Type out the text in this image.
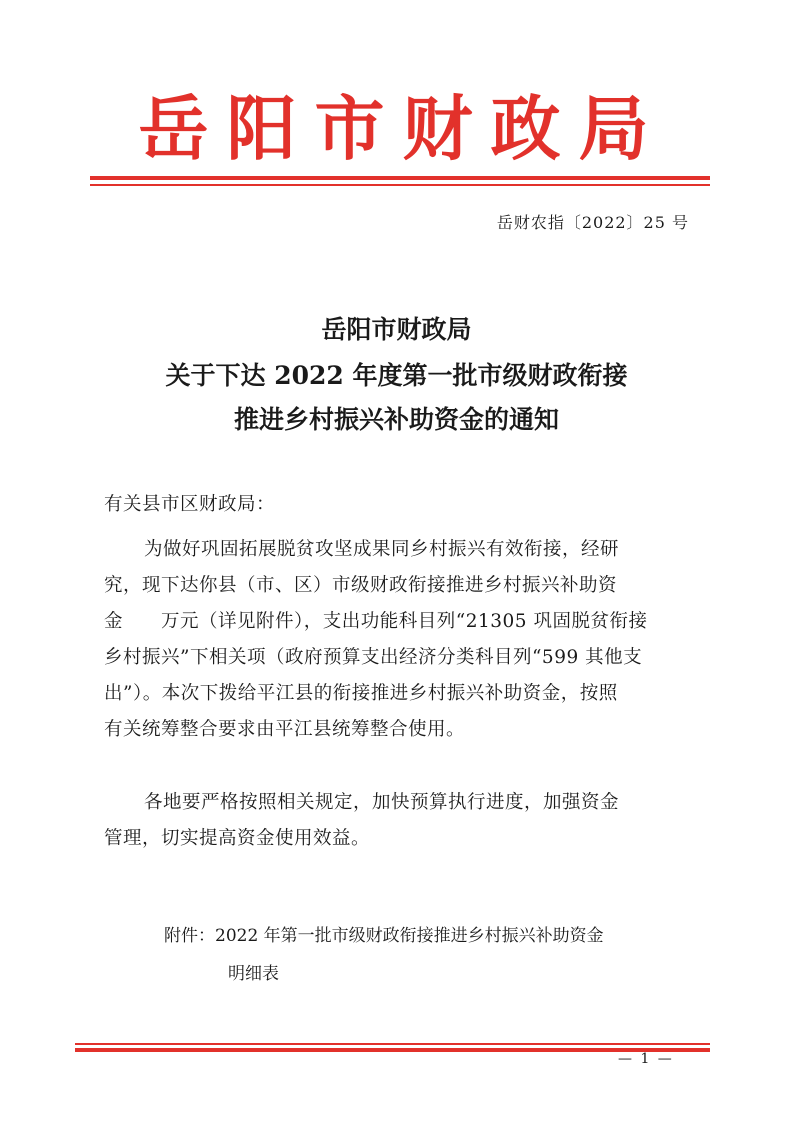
岳阳市财政局
岳财农指〔2022〕25 号
岳阳市财政局
关于下达 2022 年度第一批市级财政衔接
推进乡村振兴补助资金的通知
有关县市区财政局：
为做好巩固拓展脱贫攻坚成果同乡村振兴有效衔接，经研
究，现下达你县（市、区）市级财政衔接推进乡村振兴补助资
金　　万元（详见附件），支出功能科目列“21305 巩固脱贫衔接
乡村振兴”下相关项（政府预算支出经济分类科目列“599 其他支
出”）。本次下拨给平江县的衔接推进乡村振兴补助资金，按照
有关统筹整合要求由平江县统筹整合使用。
各地要严格按照相关规定，加快预算执行进度，加强资金
管理，切实提高资金使用效益。
附件：2022 年第一批市级财政衔接推进乡村振兴补助资金
明细表
— 1 —
